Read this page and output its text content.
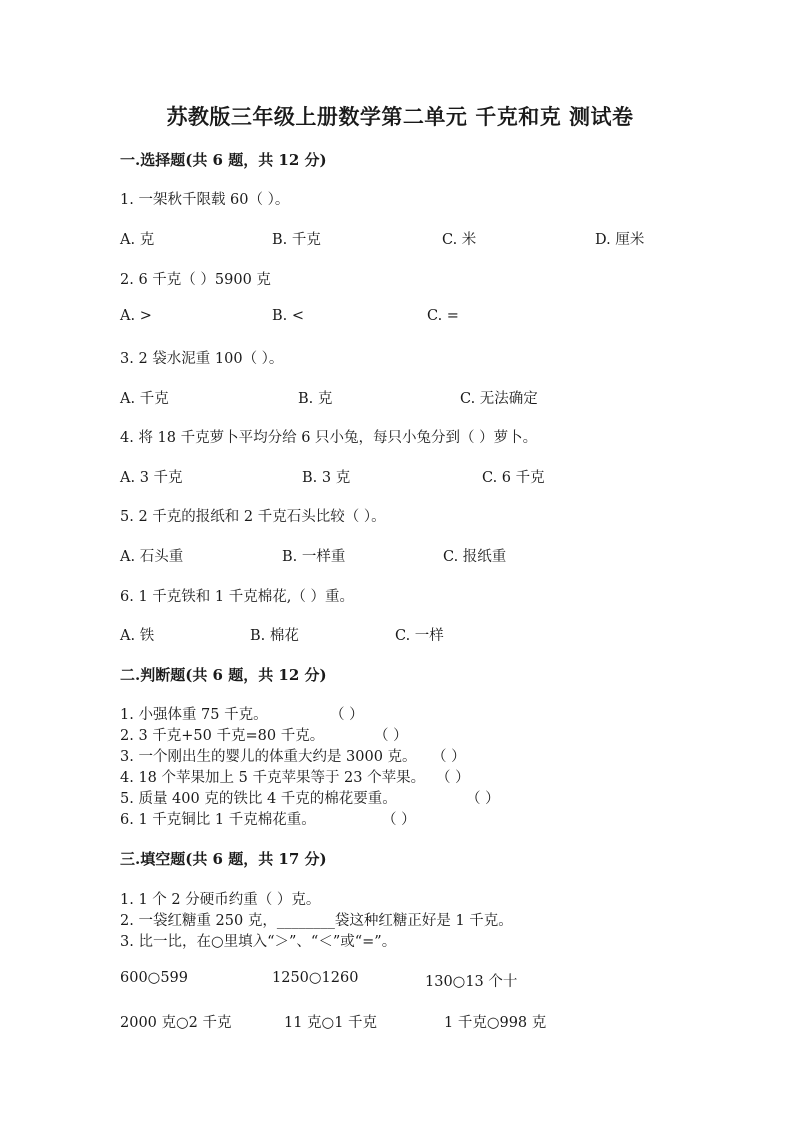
苏教版三年级上册数学第二单元 千克和克 测试卷
一.选择题(共 6 题，共 12 分)
1. 一架秋千限载 60（ ）。
A. 克	B. 千克	C. 米	D. 厘米
2. 6 千克（ ）5900 克
A. >	B. <	C. =
3. 2 袋水泥重 100（ ）。
A. 千克	B. 克	C. 无法确定
4. 将 18 千克萝卜平均分给 6 只小兔，每只小兔分到（ ）萝卜。
A. 3 千克	B. 3 克	C. 6 千克
5. 2 千克的报纸和 2 千克石头比较（ ）。
A. 石头重	B. 一样重	C. 报纸重
6. 1 千克铁和 1 千克棉花,（ ）重。
A. 铁	B. 棉花	C. 一样
二.判断题(共 6 题，共 12 分)
1. 小强体重 75 千克。	（ ）
2. 3 千克+50 千克=80 千克。	（ ）
3. 一个刚出生的婴儿的体重大约是 3000 克。 （ ）
4. 18 个苹果加上 5 千克苹果等于 23 个苹果。 （ ）
5. 质量 400 克的铁比 4 千克的棉花要重。	（ ）
6. 1 千克铜比 1 千克棉花重。	（ ）
三.填空题(共 6 题，共 17 分)
1. 1 个 2 分硬币约重（ ）克。
2. 一袋红糖重 250 克，________袋这种红糖正好是 1 千克。
3. 比一比，在○里填入“＞”、“＜”或“=”。
600○599	1250○1260	130○13 个十
2000 克○2 千克	11 克○1 千克	1 千克○998 克
